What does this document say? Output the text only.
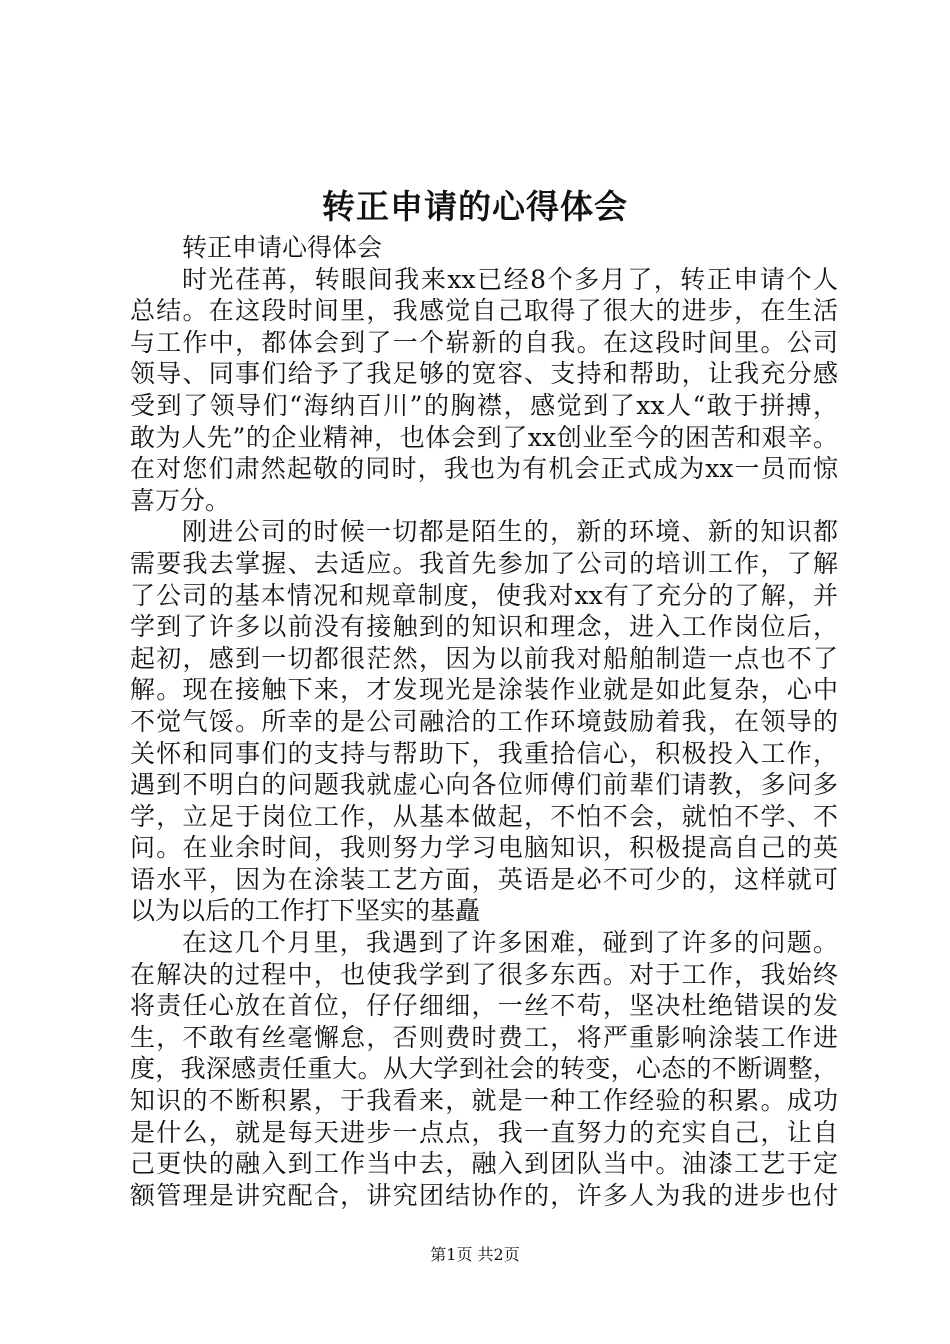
转正申请的心得体会
转正申请心得体会
时光荏苒，转眼间我来xx已经8个多月了，转正申请个人
总结。在这段时间里，我感觉自己取得了很大的进步，在生活
与工作中，都体会到了一个崭新的自我。在这段时间里。公司
领导、同事们给予了我足够的宽容、支持和帮助，让我充分感
受到了领导们“海纳百川”的胸襟，感觉到了xx人“敢于拼搏，
敢为人先”的企业精神，也体会到了xx创业至今的困苦和艰辛。
在对您们肃然起敬的同时，我也为有机会正式成为xx一员而惊
喜万分。
刚进公司的时候一切都是陌生的，新的环境、新的知识都
需要我去掌握、去适应。我首先参加了公司的培训工作，了解
了公司的基本情况和规章制度，使我对xx有了充分的了解，并
学到了许多以前没有接触到的知识和理念，进入工作岗位后，
起初，感到一切都很茫然，因为以前我对船舶制造一点也不了
解。现在接触下来，才发现光是涂装作业就是如此复杂，心中
不觉气馁。所幸的是公司融洽的工作环境鼓励着我，在领导的
关怀和同事们的支持与帮助下，我重拾信心，积极投入工作，
遇到不明白的问题我就虚心向各位师傅们前辈们请教，多问多
学，立足于岗位工作，从基本做起，不怕不会，就怕不学、不
问。在业余时间，我则努力学习电脑知识，积极提高自己的英
语水平，因为在涂装工艺方面，英语是必不可少的，这样就可
以为以后的工作打下坚实的基矗
在这几个月里，我遇到了许多困难，碰到了许多的问题。
在解决的过程中，也使我学到了很多东西。对于工作，我始终
将责任心放在首位，仔仔细细，一丝不苟，坚决杜绝错误的发
生，不敢有丝毫懈怠，否则费时费工，将严重影响涂装工作进
度，我深感责任重大。从大学到社会的转变，心态的不断调整，
知识的不断积累，于我看来，就是一种工作经验的积累。成功
是什么，就是每天进步一点点，我一直努力的充实自己，让自
己更快的融入到工作当中去，融入到团队当中。油漆工艺于定
额管理是讲究配合，讲究团结协作的，许多人为我的进步也付
第1页 共2页
